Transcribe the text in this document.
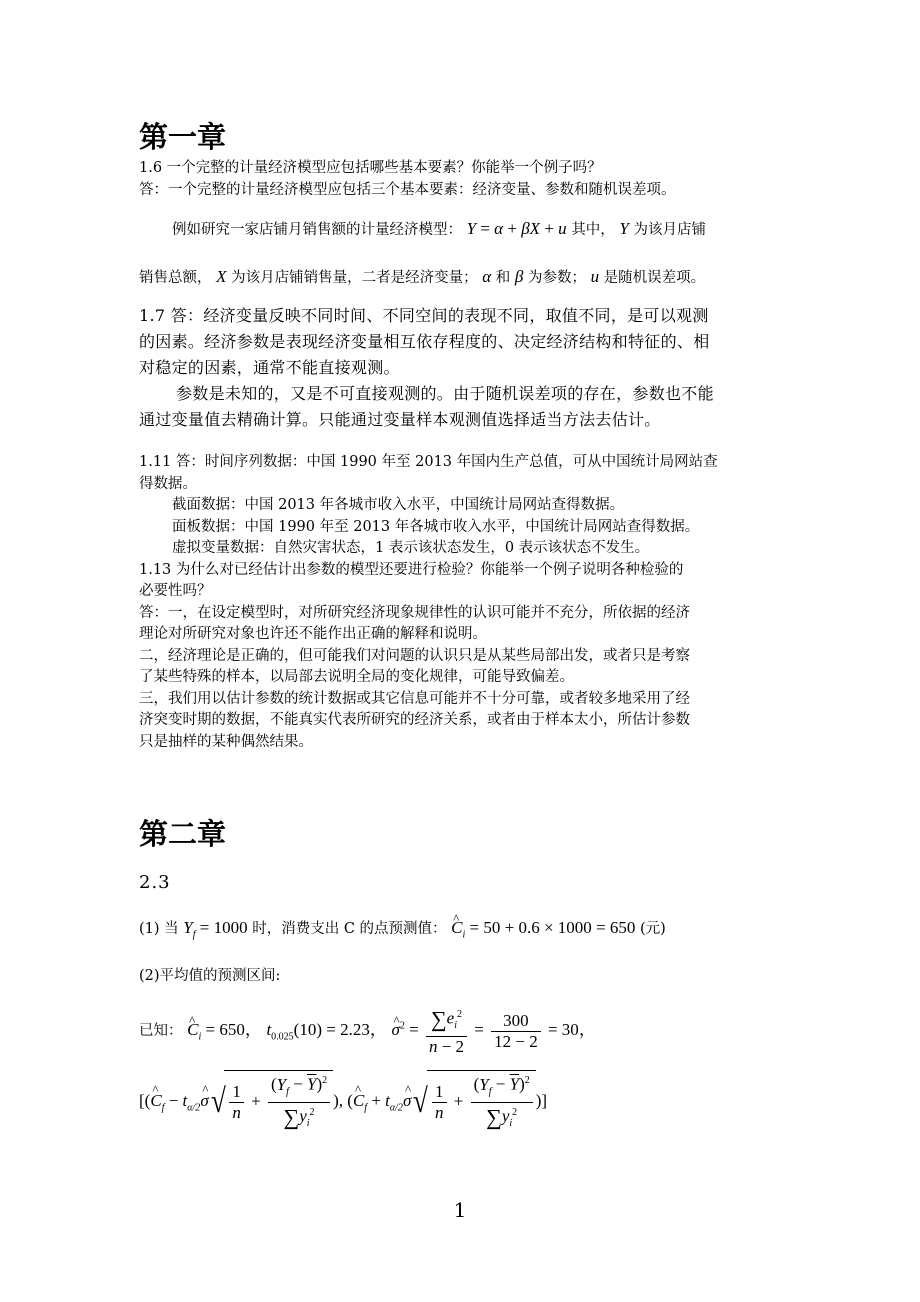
第一章
1.6 一个完整的计量经济模型应包括哪些基本要素？你能举一个例子吗？
答：一个完整的计量经济模型应包括三个基本要素：经济变量、参数和随机误差项。
例如研究一家店铺月销售额的计量经济模型： Y = α + βX + u 其中， Y 为该月店铺
销售总额， X 为该月店铺销售量，二者是经济变量； α 和 β 为参数； u 是随机误差项。
1.7 答：经济变量反映不同时间、不同空间的表现不同，取值不同，是可以观测
的因素。经济参数是表现经济变量相互依存程度的、决定经济结构和特征的、相
对稳定的因素，通常不能直接观测。
参数是未知的，又是不可直接观测的。由于随机误差项的存在，参数也不能
通过变量值去精确计算。只能通过变量样本观测值选择适当方法去估计。
1.11 答：时间序列数据：中国 1990 年至 2013 年国内生产总值，可从中国统计局网站查
得数据。
截面数据：中国 2013 年各城市收入水平，中国统计局网站查得数据。
面板数据：中国 1990 年至 2013 年各城市收入水平，中国统计局网站查得数据。
虚拟变量数据：自然灾害状态，1 表示该状态发生，0 表示该状态不发生。
1.13 为什么对已经估计出参数的模型还要进行检验？你能举一个例子说明各种检验的
必要性吗？
答：一，在设定模型时，对所研究经济现象规律性的认识可能并不充分，所依据的经济
理论对所研究对象也许还不能作出正确的解释和说明。
二，经济理论是正确的，但可能我们对问题的认识只是从某些局部出发，或者只是考察
了某些特殊的样本，以局部去说明全局的变化规律，可能导致偏差。
三，我们用以估计参数的统计数据或其它信息可能并不十分可靠，或者较多地采用了经
济突变时期的数据，不能真实代表所研究的经济关系，或者由于样本太小，所估计参数
只是抽样的某种偶然结果。
第二章
2.3
(1) 当 $Y_f = 1000$ 时，消费支出 C 的点预测值： ^ $C_i = 50 + 0.6 \times 1000 = 650$ (元)
(2)平均值的预测区间:
已知： ^ $C_i = 650$， $t_{0.025}(10) = 2.23$， ^ $\sigma^2 = \frac{\sum e_i^2}{n - 2} = \frac{300}{12 - 2} = 30$，
[(^ $C_f$ − $t_{\alpha/2}\^{}$ $\sigma√ \frac{1}{n} + \frac{(Y_f - \overline{Y})^2}{\sum y_i^2}$ ), (^ $C_f$ + $t_{\alpha/2}\^{}$ $\sigma√ \frac{1}{n} + \frac{(Y_f - \overline{Y})^2}{\sum y_i^2}$ )]
1
